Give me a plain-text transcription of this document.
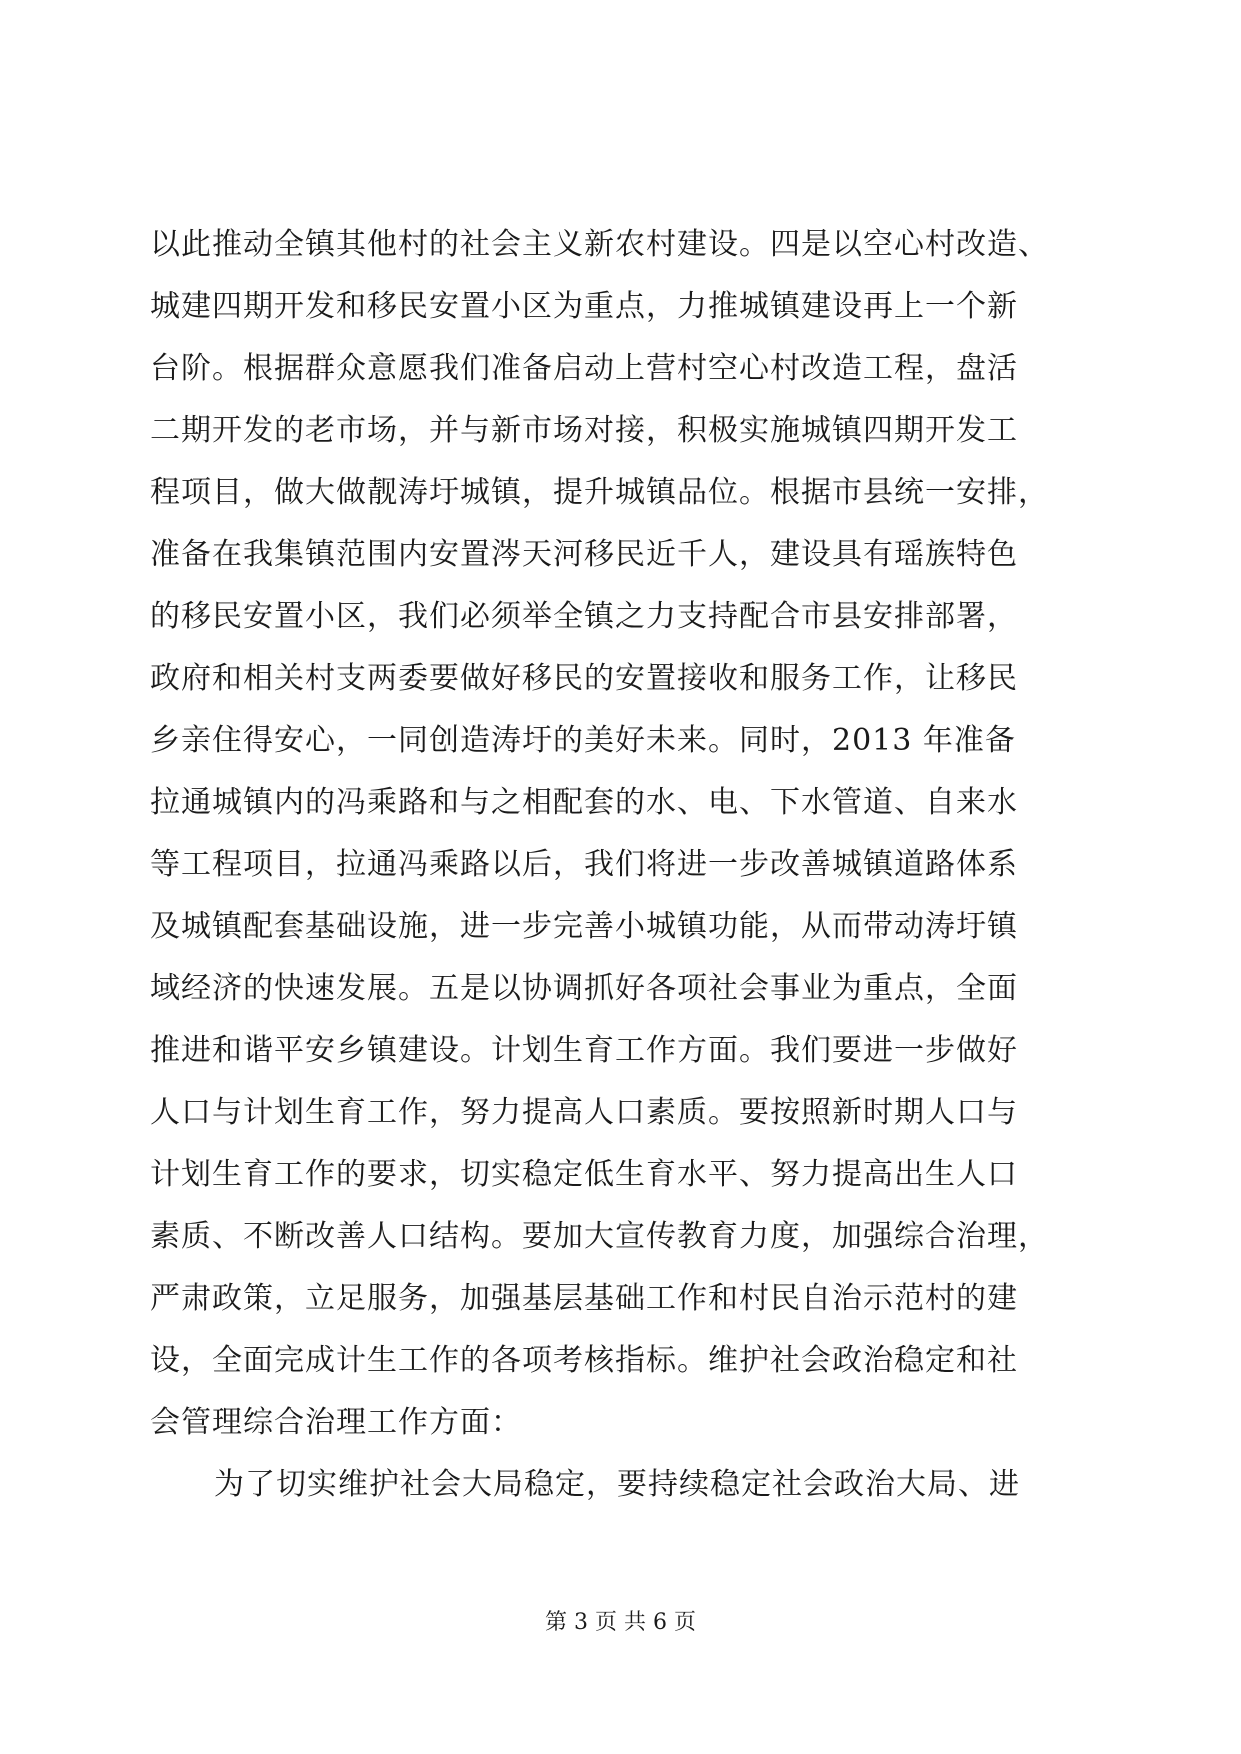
以此推动全镇其他村的社会主义新农村建设。四是以空心村改造、
城建四期开发和移民安置小区为重点，力推城镇建设再上一个新
台阶。根据群众意愿我们准备启动上营村空心村改造工程，盘活
二期开发的老市场，并与新市场对接，积极实施城镇四期开发工
程项目，做大做靓涛圩城镇，提升城镇品位。根据市县统一安排，
准备在我集镇范围内安置涔天河移民近千人，建设具有瑶族特色
的移民安置小区，我们必须举全镇之力支持配合市县安排部署，
政府和相关村支两委要做好移民的安置接收和服务工作，让移民
乡亲住得安心，一同创造涛圩的美好未来。同时，2013 年准备
拉通城镇内的冯乘路和与之相配套的水、电、下水管道、自来水
等工程项目，拉通冯乘路以后，我们将进一步改善城镇道路体系
及城镇配套基础设施，进一步完善小城镇功能，从而带动涛圩镇
域经济的快速发展。五是以协调抓好各项社会事业为重点，全面
推进和谐平安乡镇建设。计划生育工作方面。我们要进一步做好
人口与计划生育工作，努力提高人口素质。要按照新时期人口与
计划生育工作的要求，切实稳定低生育水平、努力提高出生人口
素质、不断改善人口结构。要加大宣传教育力度，加强综合治理，
严肃政策，立足服务，加强基层基础工作和村民自治示范村的建
设，全面完成计生工作的各项考核指标。维护社会政治稳定和社
会管理综合治理工作方面：
为了切实维护社会大局稳定，要持续稳定社会政治大局、进
第 3 页 共 6 页
